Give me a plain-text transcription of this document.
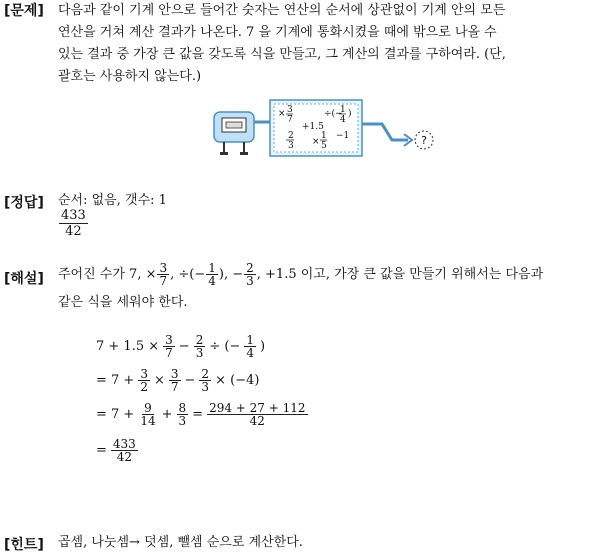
[문제] 다음과 같이 기계 안으로 들어간 숫자는 연산의 순서에 상관없이 기계 안의 모든

연산을 거쳐 계산 결과가 나온다. 7 을 기계에 통화시켰을 때에 밖으로 나올 수

있는 결과 중 가장 큰 값을 갖도록 식을 만들고, 그 계산의 결과를 구하여라. (단,

괄호는 사용하지 않는다.)

?
× 3
7
÷(−
1
4
)
+1.5
2
3 ×
1
5
−1
[정답] 순서: 없음, 갯수: 1
$\frac{433}{42}$
[해설] 주어진 수가 7, × $\frac{3}{7}$ , ÷(− $\frac{1}{4}$ ), − $\frac{2}{3}$ , +1.5 이고, 가장 큰 값을 만들기 위해서는 다음과
같은 식을 세워야 한다.
$7 + 1.5 \times \frac{3}{7} - \frac{2}{3}$ ÷ (− $\frac{1}{4}$ )
= $7 + \frac{3}{2} \times \frac{3}{7} - \frac{2}{3} \times (-4)$
= $7 + \frac{9}{14} + \frac{8}{3} = \frac{294 + 27 + 112}{42}$
= $\frac{433}{42}$
[힌트] 곱셈, 나눗셈→ 덧셈, 뺄셈 순으로 계산한다.
